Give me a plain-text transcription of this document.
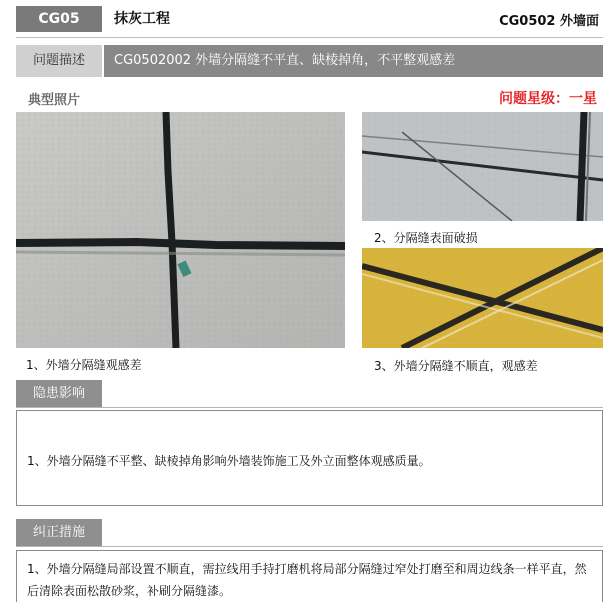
CG05	抹灰工程	CG0502 外墙面
问题描述	CG0502002 外墙分隔缝不平直、缺棱掉角，不平整观感差
典型照片	问题星级：一星
1、外墙分隔缝观感差
2、分隔缝表面破损
3、外墙分隔缝不顺直，观感差
隐患影响
1、外墙分隔缝不平整、缺棱掉角影响外墙装饰施工及外立面整体观感质量。
纠正措施
1、外墙分隔缝局部设置不顺直，需拉线用手持打磨机将局部分隔缝过窄处打磨至和周边线条一样平直，然后清除表面松散砂浆，补刷分隔缝漆。
